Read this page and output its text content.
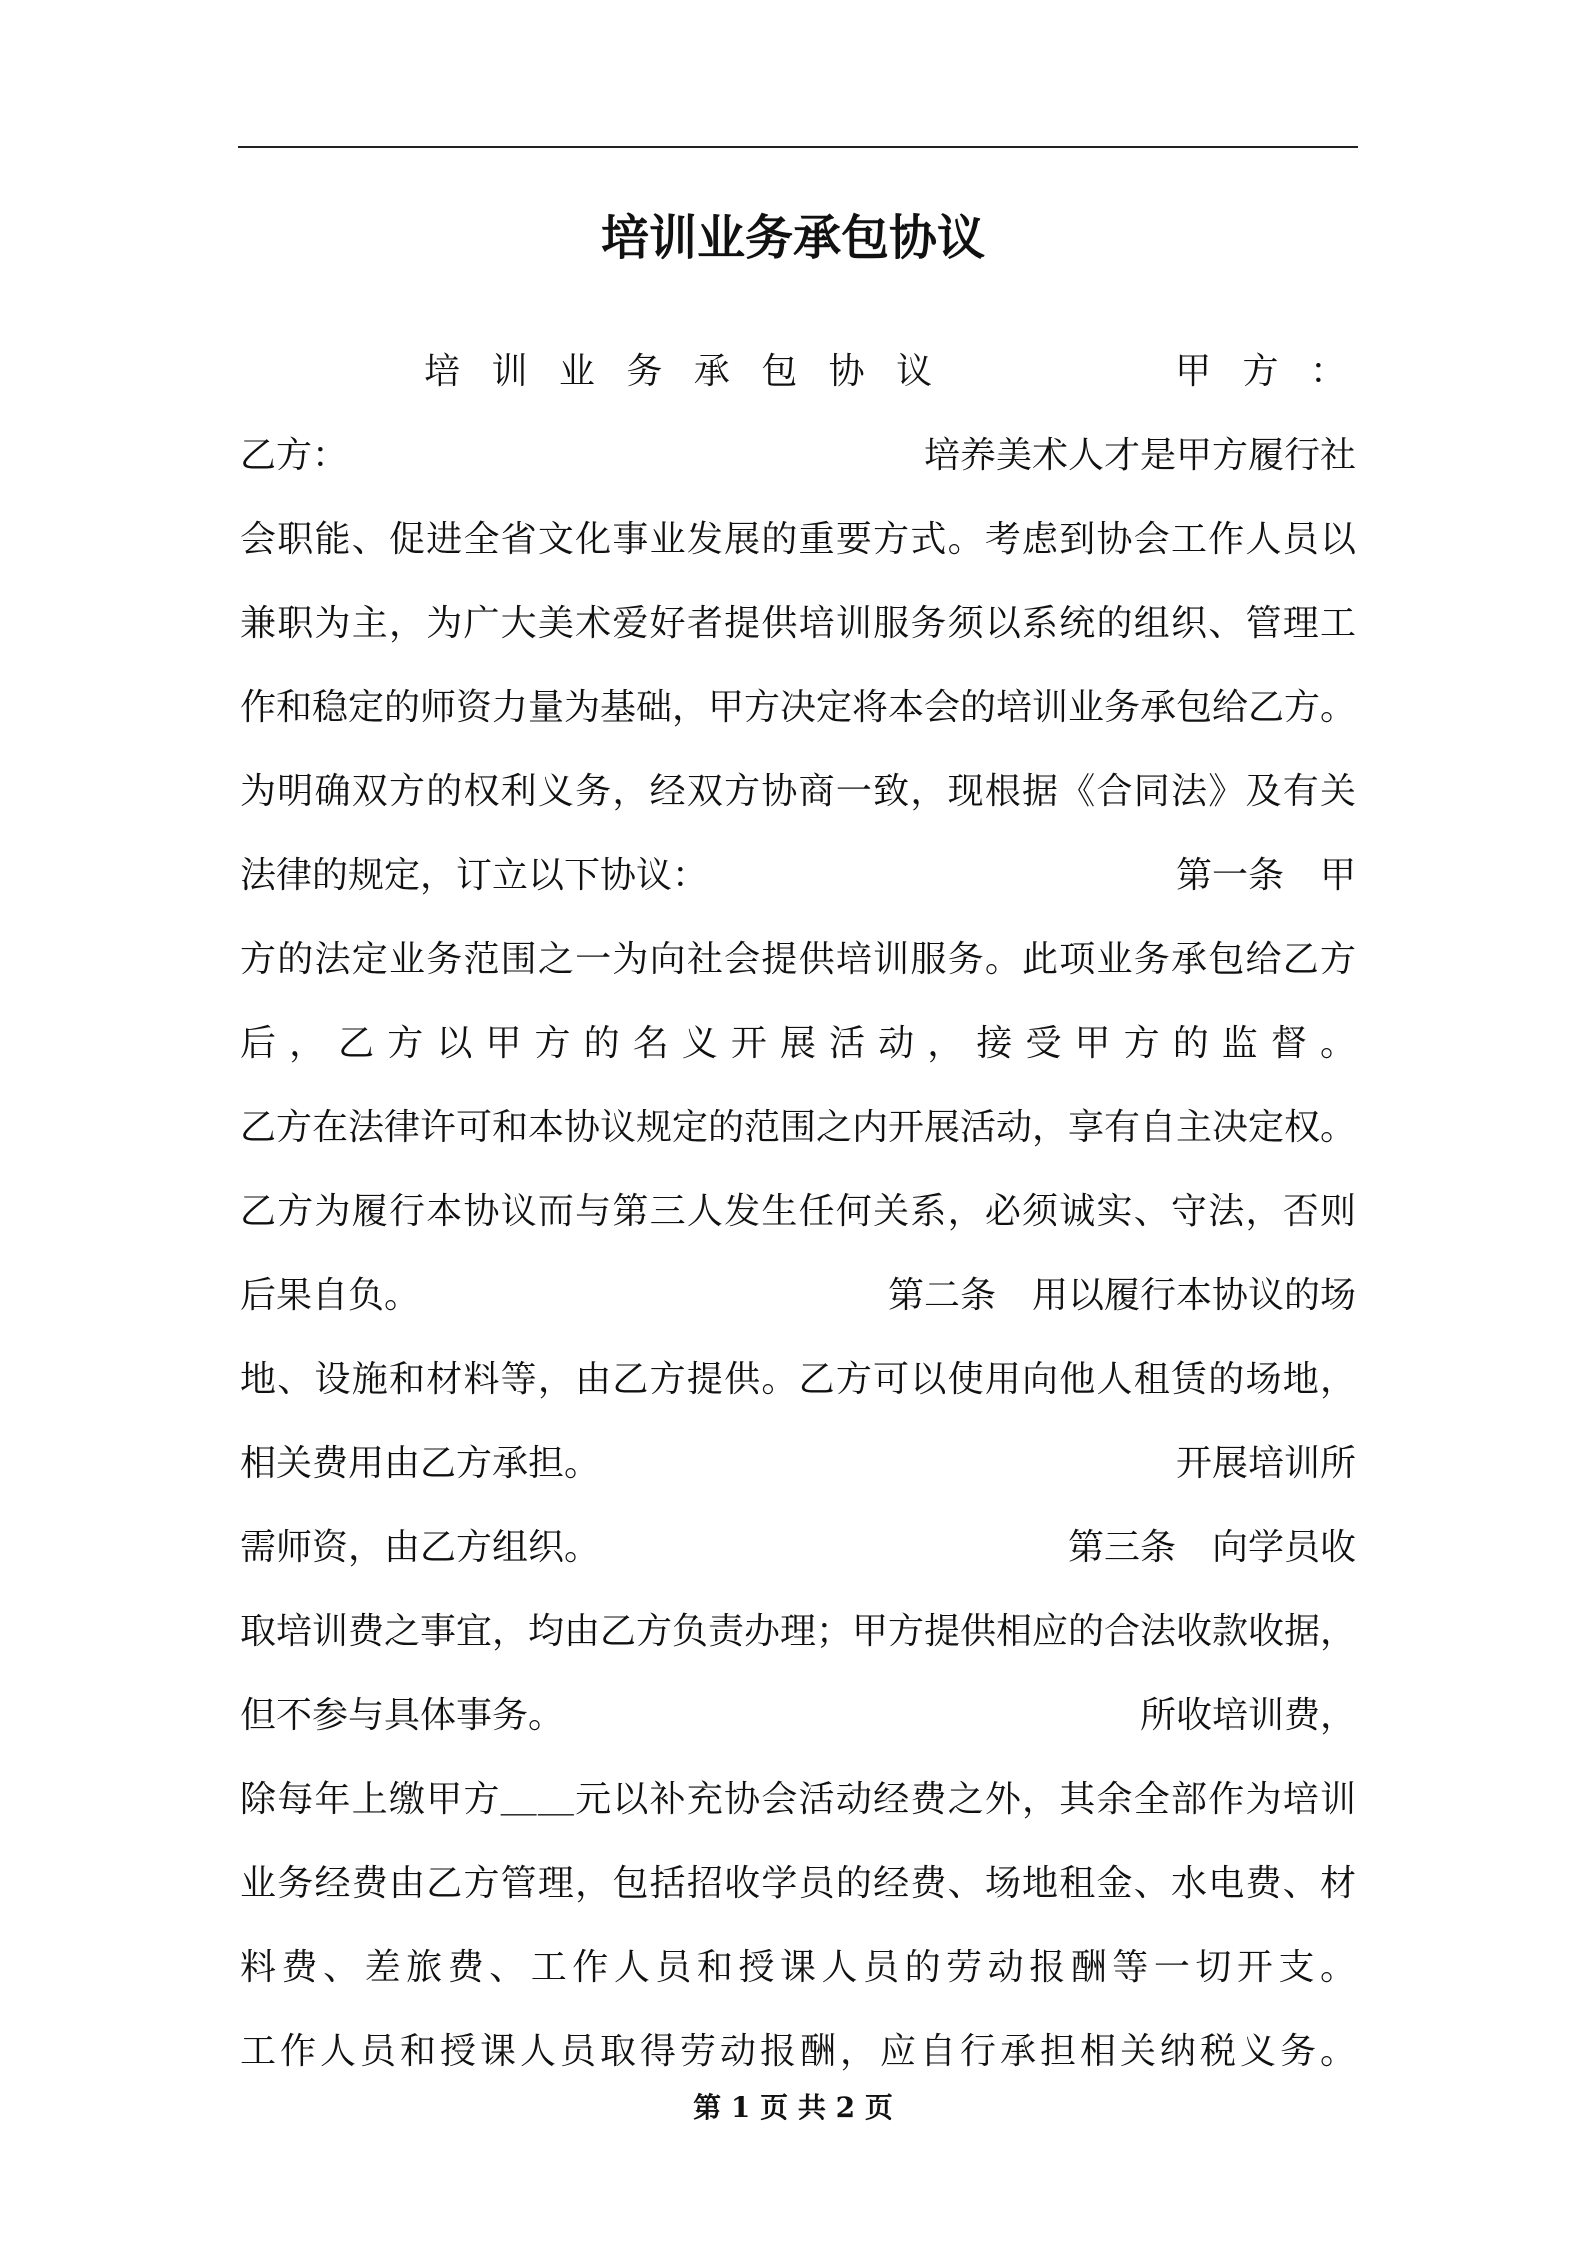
培训业务承包协议
　　　　培 训 业 务 承 包 协 议	甲 方 ：
乙方：	培养美术人才是甲方履行社
会职能、促进全省文化事业发展的重要方式。考虑到协会工作人员以
兼职为主，为广大美术爱好者提供培训服务须以系统的组织、管理工
作和稳定的师资力量为基础，甲方决定将本会的培训业务承包给乙方。
为明确双方的权利义务，经双方协商一致，现根据《合同法》及有关
法律的规定，订立以下协议：	第一条　甲
方的法定业务范围之一为向社会提供培训服务。此项业务承包给乙方
后，乙方以甲方的名义开展活动，接受甲方的监督。
乙方在法律许可和本协议规定的范围之内开展活动，享有自主决定权。
乙方为履行本协议而与第三人发生任何关系，必须诚实、守法，否则
后果自负。	第二条　用以履行本协议的场
地、设施和材料等，由乙方提供。乙方可以使用向他人租赁的场地，
相关费用由乙方承担。	开展培训所
需师资，由乙方组织。	第三条　向学员收
取培训费之事宜，均由乙方负责办理；甲方提供相应的合法收款收据，
但不参与具体事务。	所收培训费，
除每年上缴甲方＿＿元以补充协会活动经费之外，其余全部作为培训
业务经费由乙方管理，包括招收学员的经费、场地租金、水电费、材
料费、差旅费、工作人员和授课人员的劳动报酬等一切开支。
工作人员和授课人员取得劳动报酬，应自行承担相关纳税义务。
第 1 页 共 2 页
